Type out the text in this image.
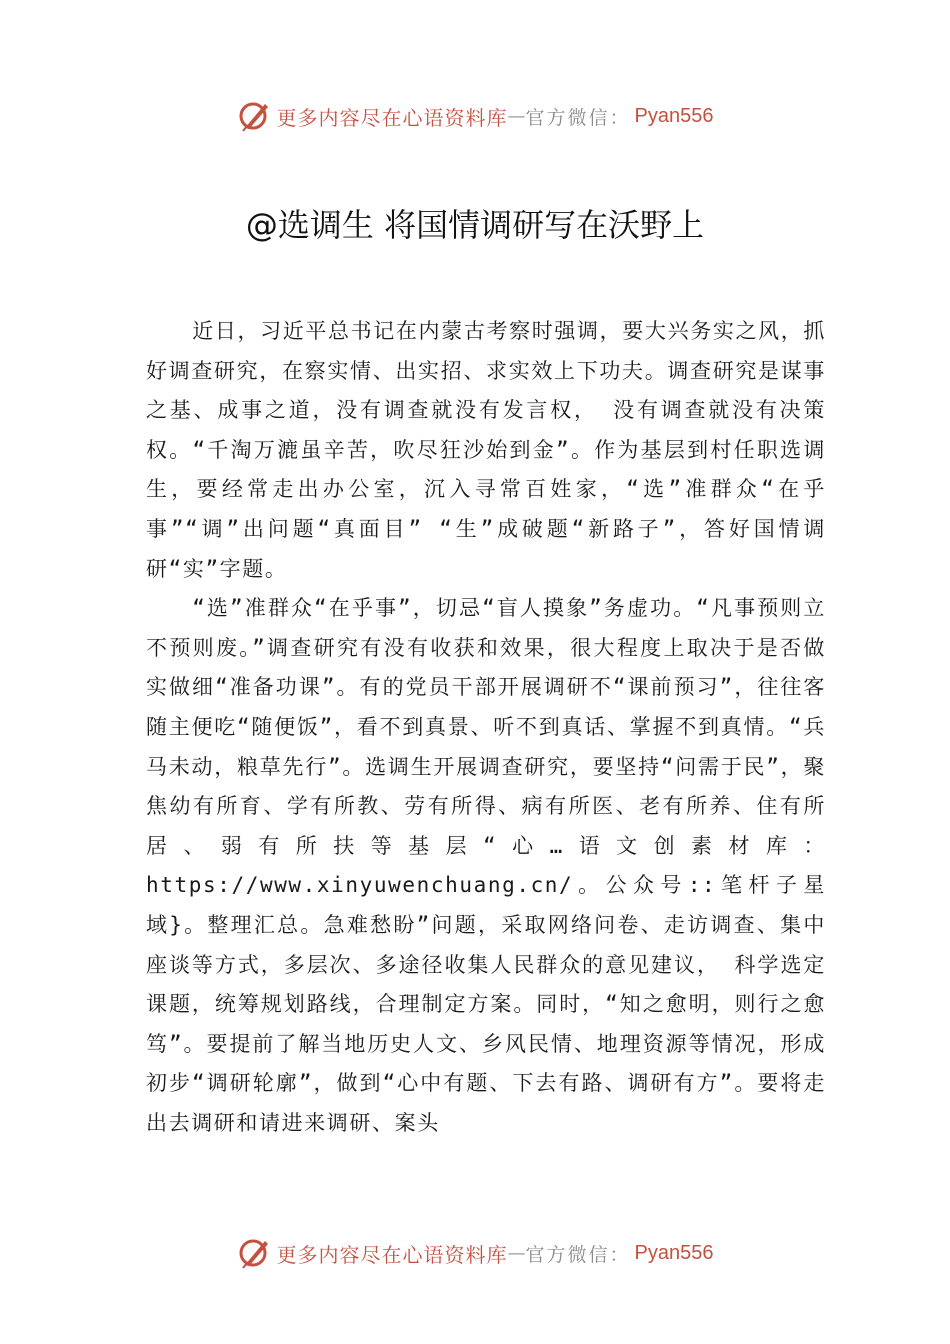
更多内容尽在心语资料库 — 官方微信： Pyan556
@选调生 将国情调研写在沃野上

近日，习近平总书记在内蒙古考察时强调，要大兴务实之风，抓好调查研究，在察实情、出实招、求实效上下功夫。调查研究是谋事之基、成事之道，没有调查就没有发言权， 没有调查就没有决策权。“千淘万漉虽辛苦，吹尽狂沙始到金”。作为基层到村任职选调生，要经常走出办公室，沉入寻常百姓家，“选”准群众“在乎事”“调”出问题“真面目” “生”成破题“新路子”，答好国情调研“实”字题。

“选”准群众“在乎事”，切忌“盲人摸象”务虚功。“凡事预则立不预则废。”调查研究有没有收获和效果，很大程度上取决于是否做实做细“准备功课”。有的党员干部开展调研不“课前预习”，往往客随主便吃“随便饭”，看不到真景、听不到真话、掌握不到真情。“兵马未动，粮草先行”。选调生开展调查研究，要坚持“问需于民”，聚焦幼有所育、学有所教、劳有所得、病有所医、老有所养、住有所居、弱有所扶等基层“心…语文创素材库：https://www.xinyuwenchuang.cn/。公众号::笔杆子星域}。整理汇总。急难愁盼”问题，采取网络问卷、走访调查、集中座谈等方式，多层次、多途径收集人民群众的意见建议， 科学选定课题，统筹规划路线，合理制定方案。同时，“知之愈明，则行之愈笃”。要提前了解当地历史人文、乡风民情、地理资源等情况，形成初步“调研轮廓”，做到“心中有题、下去有路、调研有方”。要将走出去调研和请进来调研、案头

更多内容尽在心语资料库 — 官方微信： Pyan556
